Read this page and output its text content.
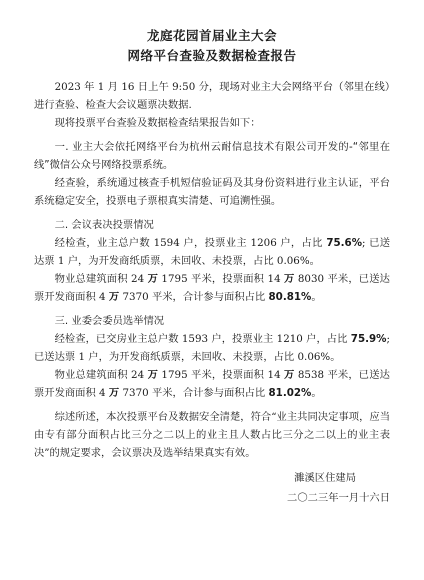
龙庭花园首届业主大会
网络平台查验及数据检查报告

2023 年 1 月 16 日上午 9:50 分，现场对业主大会网络平台（邻里在线）进行查验、检查大会议题票决数据.

现将投票平台查验及数据检查结果报告如下：

一. 业主大会依托网络平台为杭州云耐信息技术有限公司开发的-“邻里在线”微信公众号网络投票系统。

经查验，系统通过核查手机短信验证码及其身份资料进行业主认证，平台系统稳定安全，投票电子票根真实清楚、可追溯性强。

二. 会议表决投票情况

经检查，业主总户数 1594 户，投票业主 1206 户，占比 75.6%; 已送达票 1 户，为开发商纸质票，未回收、未投票，占比 0.06%。

物业总建筑面积 24 万 1795 平米，投票面积 14 万 8030 平米，已送达票开发商面积 4 万 7370 平米，合计参与面积占比 80.81%。

三. 业委会委员选举情况

经检查，已交房业主总户数 1593 户，投票业主 1210 户，占比 75.9%; 已送达票 1 户，为开发商纸质票，未回收、未投票，占比 0.06%。

物业总建筑面积 24 万 1795 平米，投票面积 14 万 8538 平米，已送达票开发商面积 4 万 7370 平米，合计参与面积占比 81.02%。

综述所述，本次投票平台及数据安全清楚，符合“业主共同决定事项，应当由专有部分面积占比三分之二以上的业主且人数占比三分之二以上的业主表决”的规定要求，会议票决及选举结果真实有效。

濉溪区住建局
二〇二三年一月十六日
